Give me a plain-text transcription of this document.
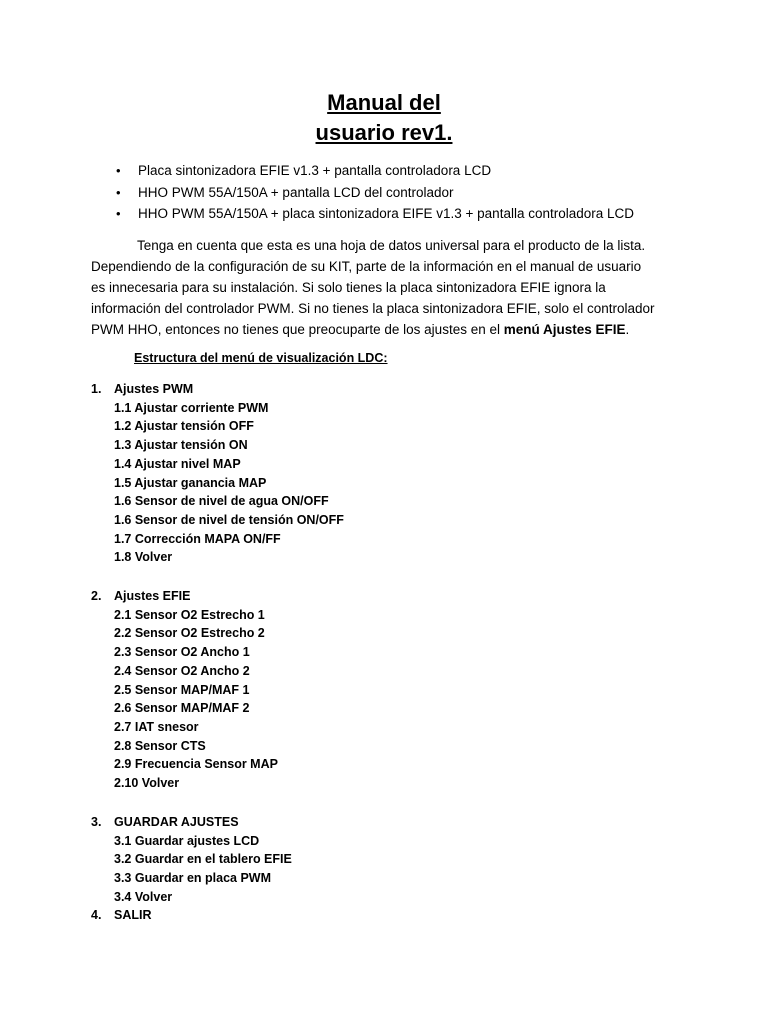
Manual del
usuario rev1.
• Placa sintonizadora EFIE v1.3 + pantalla controladora LCD
• HHO PWM 55A/150A + pantalla LCD del controlador
• HHO PWM 55A/150A + placa sintonizadora EIFE v1.3 + pantalla controladora LCD

Tenga en cuenta que esta es una hoja de datos universal para el producto de la lista.
Dependiendo de la configuración de su KIT, parte de la información en el manual de usuario
es innecesaria para su instalación. Si solo tienes la placa sintonizadora EFIE ignora la
información del controlador PWM. Si no tienes la placa sintonizadora EFIE, solo el controlador
PWM HHO, entonces no tienes que preocuparte de los ajustes en el menú Ajustes EFIE.

Estructura del menú de visualización LDC:
1. Ajustes PWM
1.1 Ajustar corriente PWM
1.2 Ajustar tensión OFF
1.3 Ajustar tensión ON
1.4 Ajustar nivel MAP
1.5 Ajustar ganancia MAP
1.6 Sensor de nivel de agua ON/OFF
1.6 Sensor de nivel de tensión ON/OFF
1.7 Corrección MAPA ON/FF
1.8 Volver
2. Ajustes EFIE
2.1 Sensor O2 Estrecho 1
2.2 Sensor O2 Estrecho 2
2.3 Sensor O2 Ancho 1
2.4 Sensor O2 Ancho 2
2.5 Sensor MAP/MAF 1
2.6 Sensor MAP/MAF 2
2.7 IAT snesor
2.8 Sensor CTS
2.9 Frecuencia Sensor MAP
2.10 Volver
3. GUARDAR AJUSTES
3.1 Guardar ajustes LCD
3.2 Guardar en el tablero EFIE
3.3 Guardar en placa PWM
3.4 Volver
4. SALIR
